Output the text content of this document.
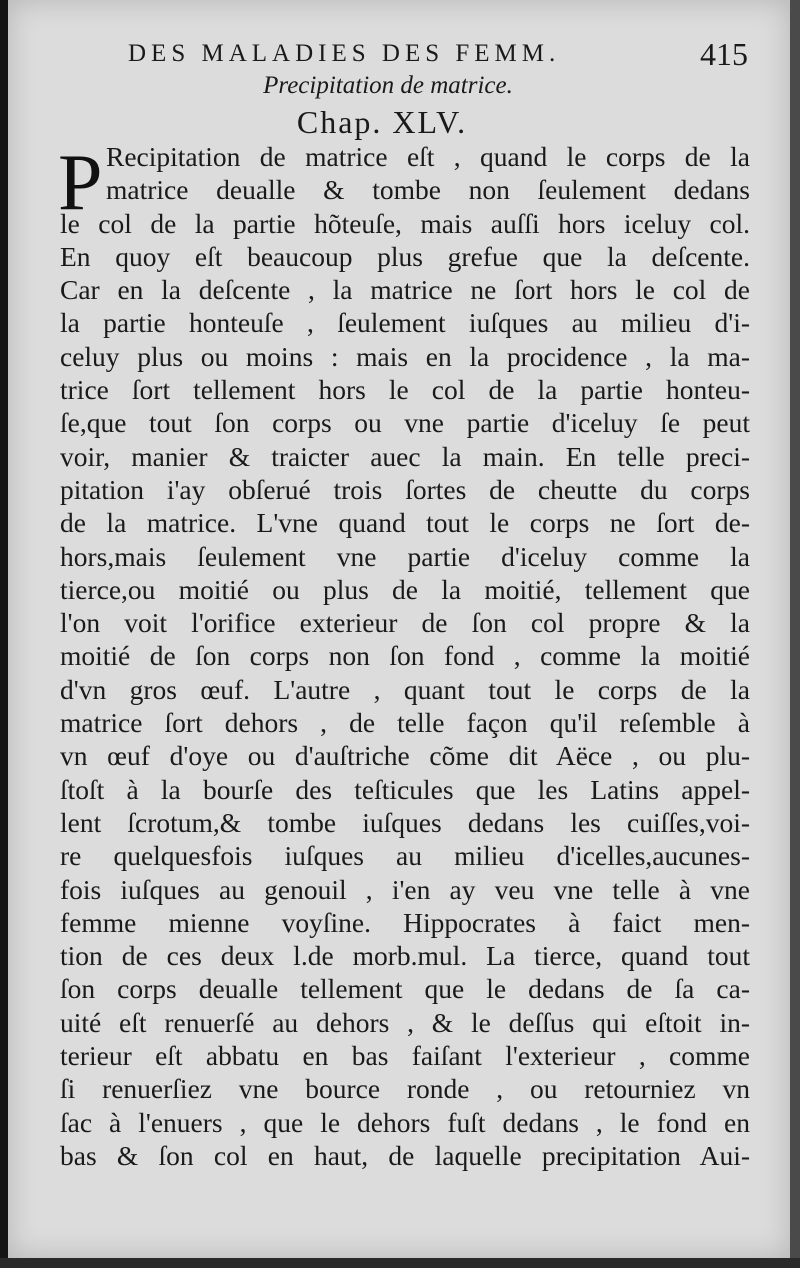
DES MALADIES DES FEMM.	415
Precipitation de matrice.
Chap. XLV.
P Recipitation de matrice eſt , quand le corps de la
matrice deualle & tombe non ſeulement dedans
le col de la partie hõteuſe, mais auſſi hors iceluy col.
En quoy eſt beaucoup plus grefue que la deſcente.
Car en la deſcente , la matrice ne ſort hors le col de
la partie honteuſe , ſeulement iuſques au milieu d'i-
celuy plus ou moins : mais en la procidence , la ma-
trice ſort tellement hors le col de la partie honteu-
ſe,que tout ſon corps ou vne partie d'iceluy ſe peut
voir, manier & traicter auec la main. En telle preci-
pitation i'ay obſerué trois ſortes de cheutte du corps
de la matrice. L'vne quand tout le corps ne ſort de-
hors,mais ſeulement vne partie d'iceluy comme la
tierce,ou moitié ou plus de la moitié, tellement que
l'on voit l'orifice exterieur de ſon col propre & la
moitié de ſon corps non ſon fond , comme la moitié
d'vn gros œuf. L'autre , quant tout le corps de la
matrice ſort dehors , de telle façon qu'il reſemble à
vn œuf d'oye ou d'auſtriche cõme dit Aëce , ou plu-
ſtoſt à la bourſe des teſticules que les Latins appel-
lent ſcrotum,& tombe iuſques dedans les cuiſſes,voi-
re quelquesfois iuſques au milieu d'icelles,aucunes-
fois iuſques au genouil , i'en ay veu vne telle à vne
femme mienne voyſine. Hippocrates à faict men-
tion de ces deux l.de morb.mul. La tierce, quand tout
ſon corps deualle tellement que le dedans de ſa ca-
uité eſt renuerſé au dehors , & le deſſus qui eſtoit in-
terieur eſt abbatu en bas faiſant l'exterieur , comme
ſi renuerſiez vne bource ronde , ou retourniez vn
ſac à l'enuers , que le dehors fuſt dedans , le fond en
bas & ſon col en haut, de laquelle precipitation Aui-
